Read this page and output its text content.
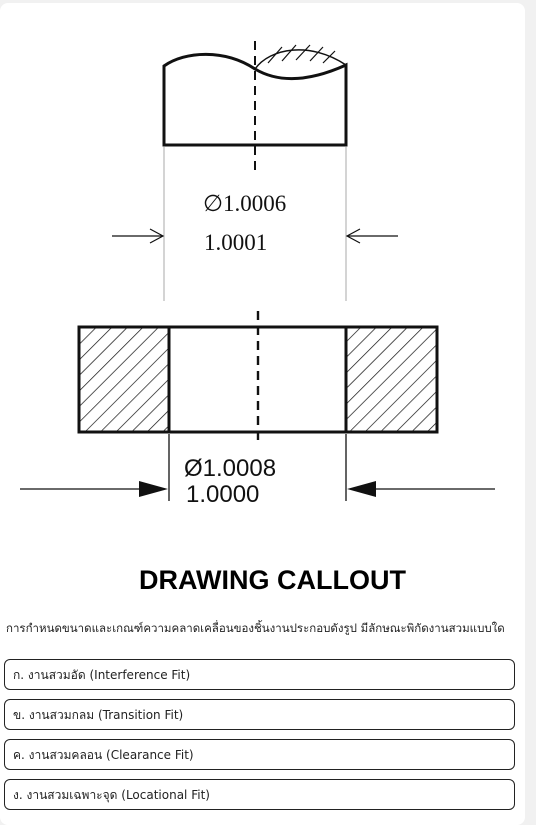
∅1.0006
1.0001
Ø1.0008
1.0000
DRAWING CALLOUT
การกำหนดขนาดและเกณฑ์ความคลาดเคลื่อนของชิ้นงานประกอบดังรูป มีลักษณะพิกัดงานสวมแบบใด
ก. งานสวมอัด (Interference Fit)
ข. งานสวมกลม (Transition Fit)
ค. งานสวมคลอน (Clearance Fit)
ง. งานสวมเฉพาะจุด (Locational Fit)
